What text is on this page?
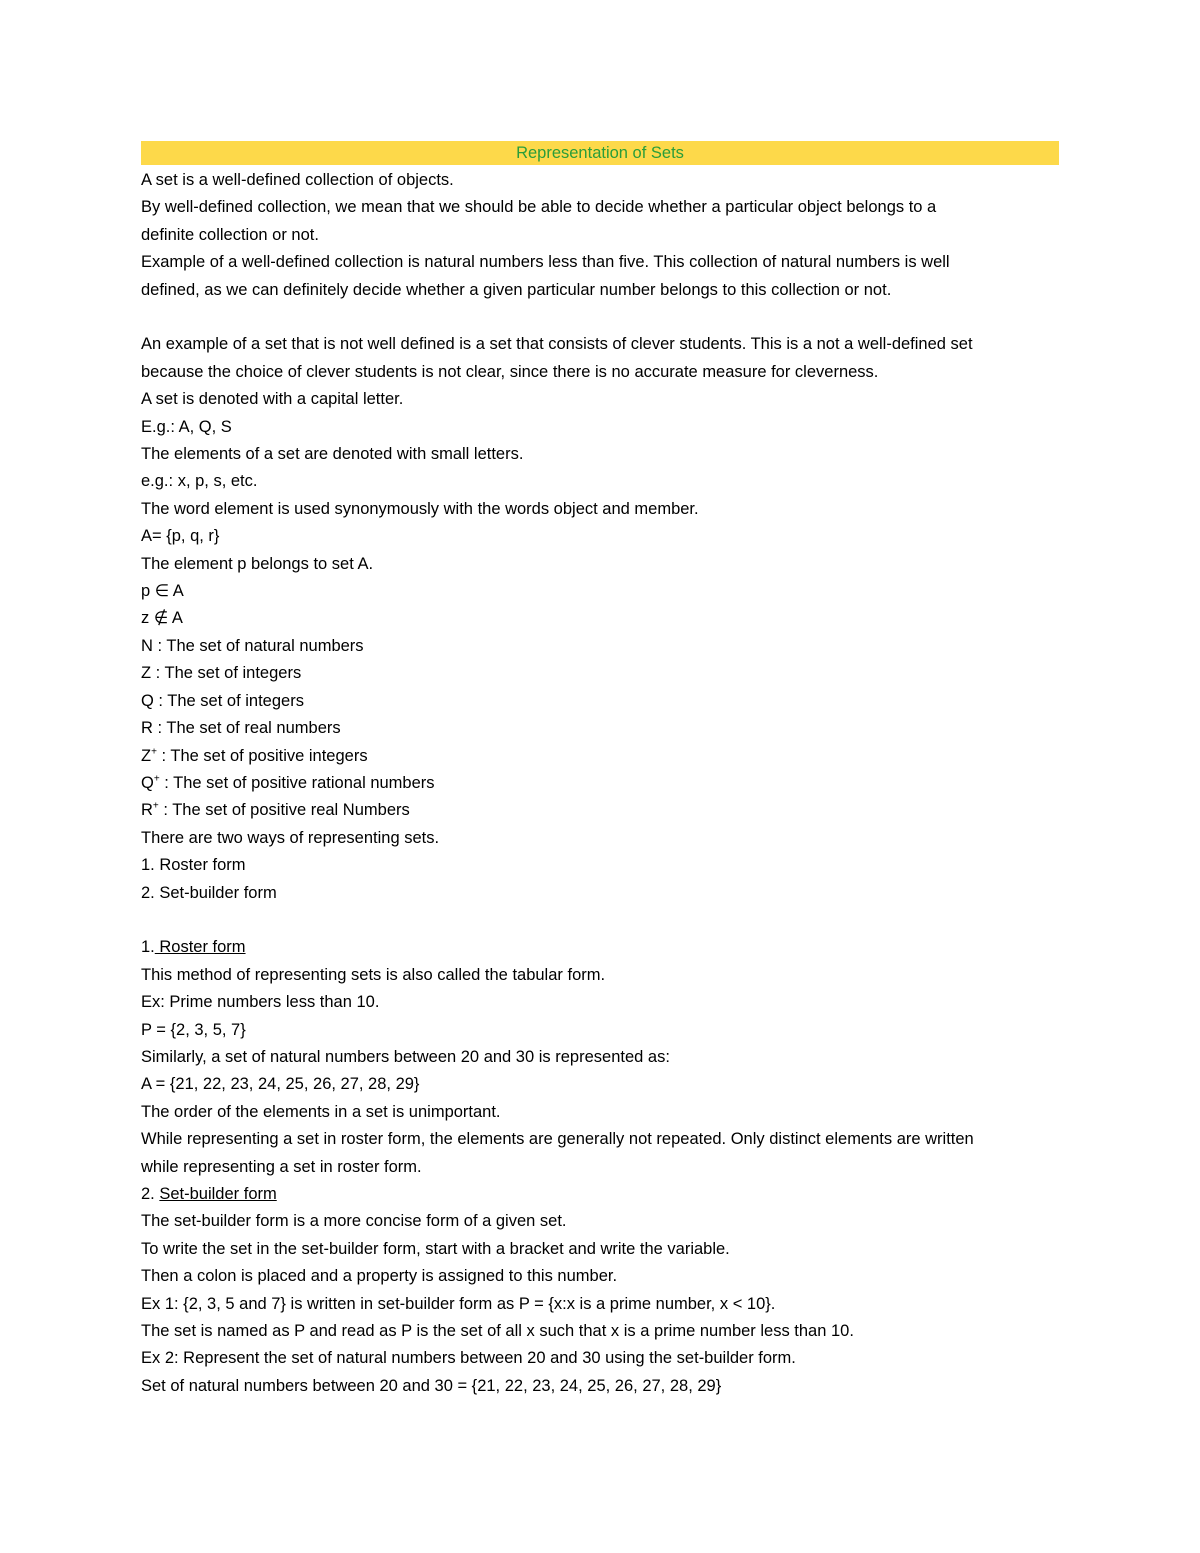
Representation of Sets
A set is a well-defined collection of objects.
By well-defined collection, we mean that we should be able to decide whether a particular object belongs to a
definite collection or not.
Example of a well-defined collection is natural numbers less than five. This collection of natural numbers is well
defined, as we can definitely decide whether a given particular number belongs to this collection or not.
An example of a set that is not well defined is a set that consists of clever students. This is a not a well-defined set
because the choice of clever students is not clear, since there is no accurate measure for cleverness.
A set is denoted with a capital letter.
E.g.: A, Q, S
The elements of a set are denoted with small letters.
e.g.: x, p, s, etc.
The word element is used synonymously with the words object and member.
A= {p, q, r}
The element p belongs to set A.
p ∈ A
z ∉ A
N : The set of natural numbers
Z : The set of integers
Q : The set of integers
R : The set of real numbers
Z+ : The set of positive integers
Q+ : The set of positive rational numbers
R+ : The set of positive real Numbers
There are two ways of representing sets.
1. Roster form
2. Set-builder form
1. Roster form
This method of representing sets is also called the tabular form.
Ex: Prime numbers less than 10.
P = {2, 3, 5, 7}
Similarly, a set of natural numbers between 20 and 30 is represented as:
A = {21, 22, 23, 24, 25, 26, 27, 28, 29}
The order of the elements in a set is unimportant.
While representing a set in roster form, the elements are generally not repeated. Only distinct elements are written
while representing a set in roster form.
2. Set-builder form
The set-builder form is a more concise form of a given set.
To write the set in the set-builder form, start with a bracket and write the variable.
Then a colon is placed and a property is assigned to this number.
Ex 1: {2, 3, 5 and 7} is written in set-builder form as P = {x:x is a prime number, x < 10}.
The set is named as P and read as P is the set of all x such that x is a prime number less than 10.
Ex 2: Represent the set of natural numbers between 20 and 30 using the set-builder form.
Set of natural numbers between 20 and 30 = {21, 22, 23, 24, 25, 26, 27, 28, 29}
